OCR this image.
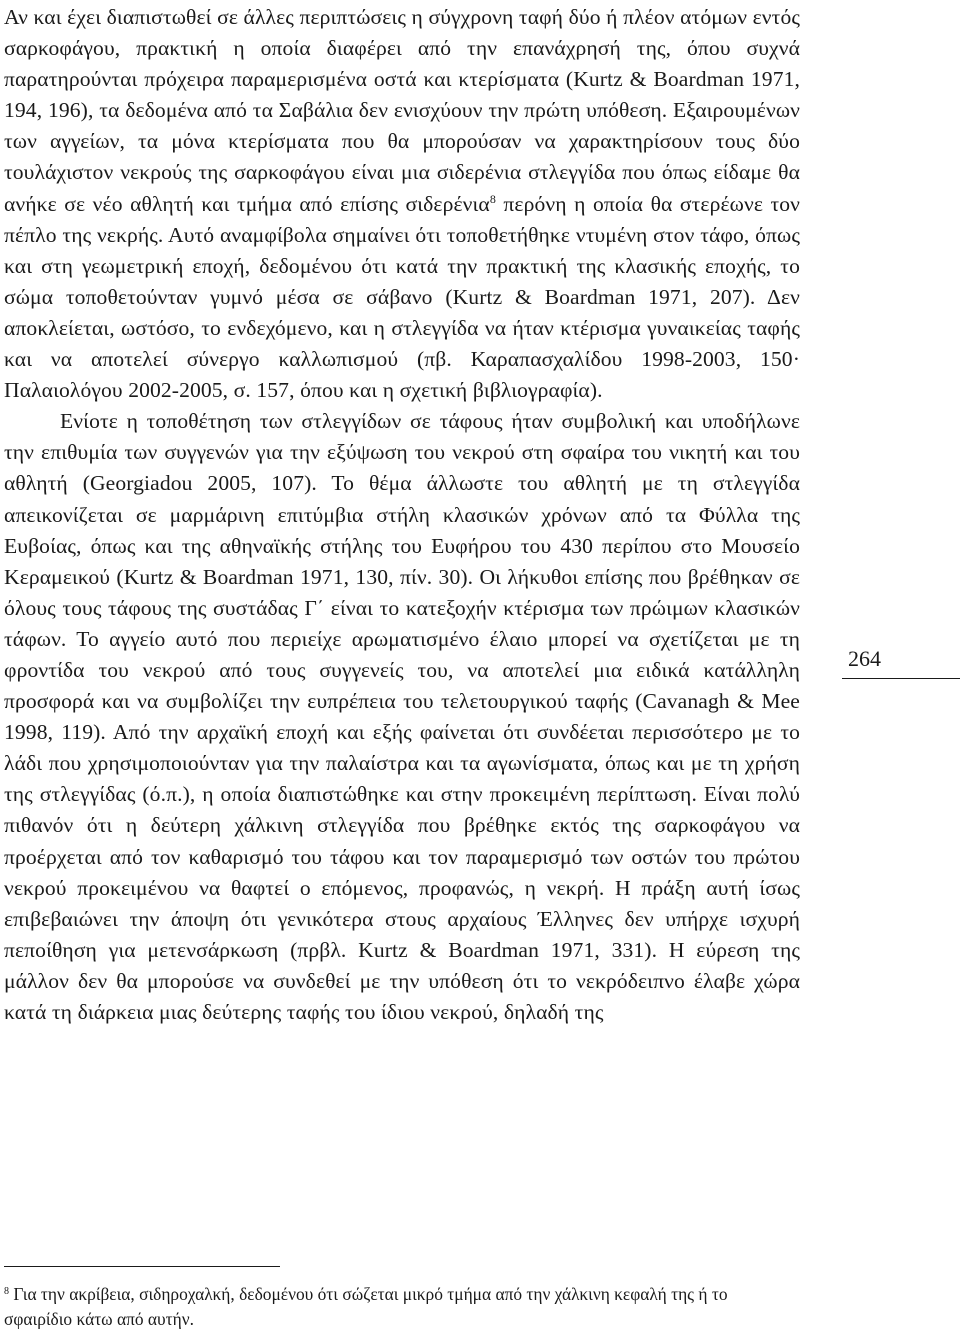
Αν και έχει διαπιστωθεί σε άλλες περιπτώσεις η σύγχρονη ταφή δύο ή πλέον ατόμων εντός σαρκοφάγου, πρακτική η οποία διαφέρει από την επανάχρησή της, όπου συχνά παρατηρούνται πρόχειρα παραμερισμένα οστά και κτερίσματα (Kurtz & Boardman 1971, 194, 196), τα δεδομένα από τα Σαβάλια δεν ενισχύουν την πρώτη υπόθεση. Εξαιρουμένων των αγγείων, τα μόνα κτερίσματα που θα μπορούσαν να χαρακτηρίσουν τους δύο τουλάχιστον νεκρούς της σαρκοφάγου είναι μια σιδερένια στλεγγίδα που όπως είδαμε θα ανήκε σε νέο αθλητή και τμήμα από επίσης σιδερένια$^8$ περόνη η οποία θα στερέωνε τον πέπλο της νεκρής. Αυτό αναμφίβολα σημαίνει ότι τοποθετήθηκε ντυμένη στον τάφο, όπως και στη γεωμετρική εποχή, δεδομένου ότι κατά την πρακτική της κλασικής εποχής, το σώμα τοποθετούνταν γυμνό μέσα σε σάβανο (Kurtz & Boardman 1971, 207). Δεν αποκλείεται, ωστόσο, το ενδεχόμενο, και η στλεγγίδα να ήταν κτέρισμα γυναικείας ταφής και να αποτελεί σύνεργο καλλωπισμού (πβ. Καραπασχαλίδου 1998-2003, 150· Παλαιολόγου 2002-2005, σ. 157, όπου και η σχετική βιβλιογραφία).

Ενίοτε η τοποθέτηση των στλεγγίδων σε τάφους ήταν συμβολική και υποδήλωνε την επιθυμία των συγγενών για την εξύψωση του νεκρού στη σφαίρα του νικητή και του αθλητή (Georgiadou 2005, 107). Το θέμα άλλωστε του αθλητή με τη στλεγγίδα απεικονίζεται σε μαρμάρινη επιτύμβια στήλη κλασικών χρόνων από τα Φύλλα της Ευβοίας, όπως και της αθηναϊκής στήλης του Ευφήρου του 430 περίπου στο Μουσείο Κεραμεικού (Kurtz & Boardman 1971, 130, πίν. 30). Οι λήκυθοι επίσης που βρέθηκαν σε όλους τους τάφους της συστάδας Γ΄ είναι το κατεξοχήν κτέρισμα των πρώιμων κλασικών τάφων. Το αγγείο αυτό που περιείχε αρωματισμένο έλαιο μπορεί να σχετίζεται με τη φροντίδα του νεκρού από τους συγγενείς του, να αποτελεί μια ειδικά κατάλληλη προσφορά και να συμβολίζει την ευπρέπεια του τελετουργικού ταφής (Cavanagh & Mee 1998, 119). Από την αρχαϊκή εποχή και εξής φαίνεται ότι συνδέεται περισσότερο με το λάδι που χρησιμοποιούνταν για την παλαίστρα και τα αγωνίσματα, όπως και με τη χρήση της στλεγγίδας (ό.π.), η οποία διαπιστώθηκε και στην προκειμένη περίπτωση. Είναι πολύ πιθανόν ότι η δεύτερη χάλκινη στλεγγίδα που βρέθηκε εκτός της σαρκοφάγου να προέρχεται από τον καθαρισμό του τάφου και τον παραμερισμό των οστών του πρώτου νεκρού προκειμένου να θαφτεί ο επόμενος, προφανώς, η νεκρή. Η πράξη αυτή ίσως επιβεβαιώνει την άποψη ότι γενικότερα στους αρχαίους Έλληνες δεν υπήρχε ισχυρή πεποίθηση για μετενσάρκωση (πρβλ. Kurtz & Boardman 1971, 331). Η εύρεση της μάλλον δεν θα μπορούσε να συνδεθεί με την υπόθεση ότι το νεκρόδειπνο έλαβε χώρα κατά τη διάρκεια μιας δεύτερης ταφής του ίδιου νεκρού, δηλαδή της

264
$^8$ Για την ακρίβεια, σιδηροχαλκή, δεδομένου ότι σώζεται μικρό τμήμα από την χάλκινη κεφαλή της ή το σφαιρίδιο κάτω από αυτήν.
